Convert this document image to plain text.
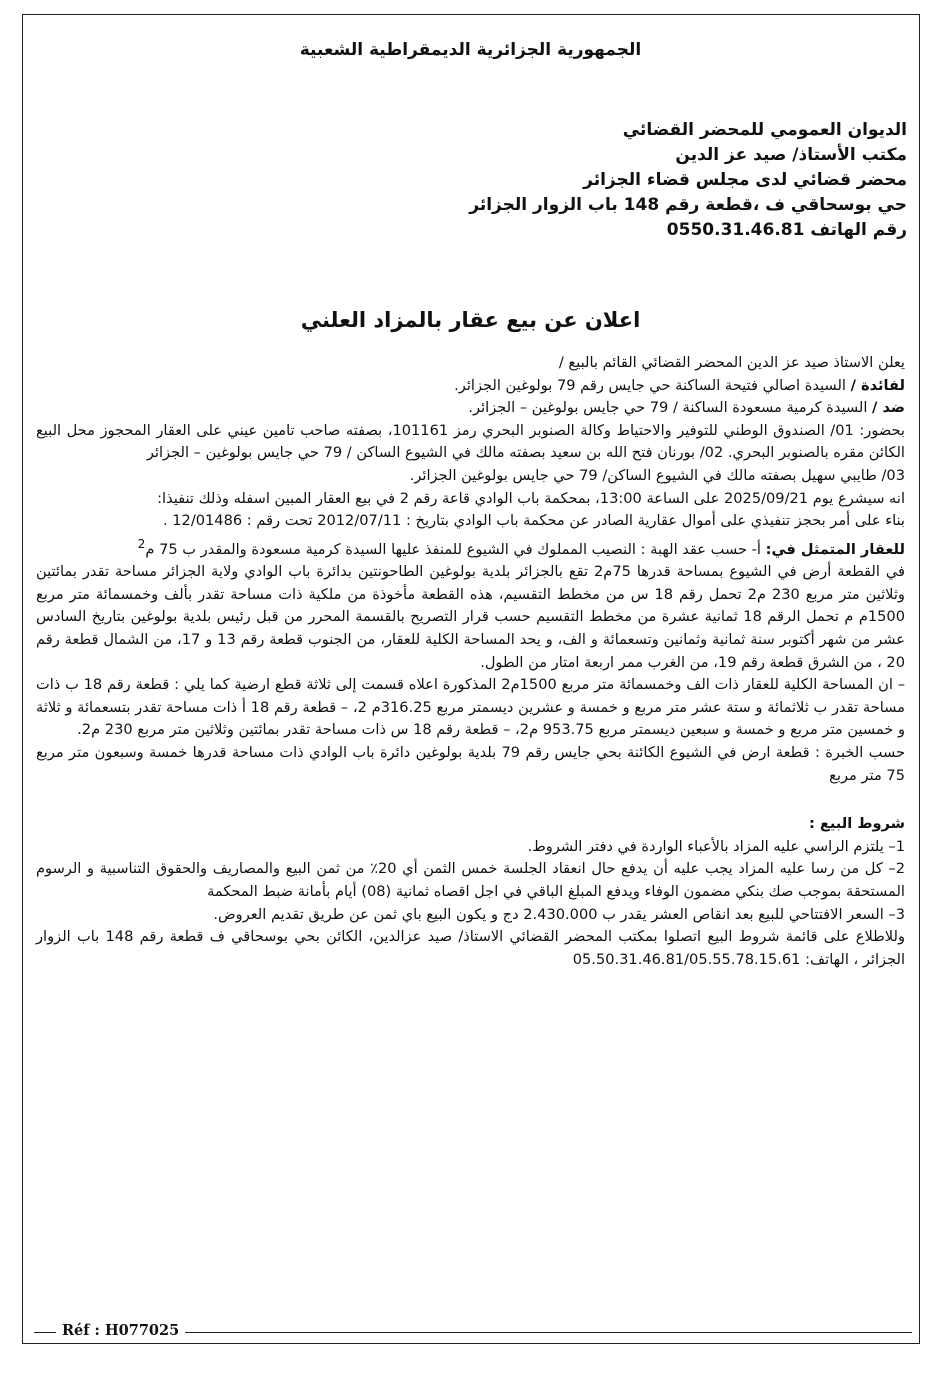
الجمهورية الجزائرية الديمقراطية الشعبية
الديوان العمومي للمحضر القضائي
مكتب الأستاذ/ صيد عز الدين
محضر قضائي لدى مجلس قضاء الجزائر
حي بوسحاقي ف ،قطعة رقم 148 باب الزوار الجزائر
رقم الهاتف 0550.31.46.81
اعلان عن بيع عقار بالمزاد العلني

يعلن الاستاذ صيد عز الدين المحضر القضائي القائم بالبيع /

لفائدة / السيدة اصالي فتيحة الساكنة حي جايس رقم 79 بولوغين الجزائر.

ضد / السيدة كرمية مسعودة الساكنة / 79 حي جايس بولوغين – الجزائر.

بحضور: 01/ الصندوق الوطني للتوفير والاحتياط وكالة الصنوبر البحري رمز 101161، بصفته صاحب تامين عيني على العقار المحجوز محل البيع الكائن مقره بالصنوبر البحري. 02/ بورنان فتح الله بن سعيد بصفته مالك في الشيوع الساكن / 79 حي جايس بولوغين – الجزائر

03/ طايبي سهيل بصفته مالك في الشيوع الساكن/ 79 حي جايس بولوغين الجزائر.

انه سيشرع يوم 2025/09/21 على الساعة 13:00، بمحكمة باب الوادي قاعة رقم 2 في بيع العقار المبين اسفله وذلك تنفيذا:

بناء على أمر بحجز تنفيذي على أموال عقارية الصادر عن محكمة باب الوادي بتاريخ : 2012/07/11 تحت رقم : 12/01486 .

للعقار المتمثل في: أ- حسب عقد الهبة : النصيب المملوك في الشيوع للمنفذ عليها السيدة كرمية مسعودة والمقدر ب 75 م$^2$

في القطعة أرض في الشيوع بمساحة قدرها 75م2 تقع بالجزائر بلدية بولوغين الطاحونتين بدائرة باب الوادي ولاية الجزائر مساحة تقدر بمائتين وثلاثين متر مربع 230 م2 تحمل رقم 18 س من مخطط التقسيم، هذه القطعة مأخوذة من ملكية ذات مساحة تقدر بألف وخمسمائة متر مربع 1500م م تحمل الرقم 18 ثمانية عشرة من مخطط التقسيم حسب قرار التصريح بالقسمة المحرر من قبل رئيس بلدية بولوغين بتاريخ السادس عشر من شهر أكتوبر سنة ثمانية وثمانين وتسعمائة و الف، و يحد المساحة الكلية للعقار، من الجنوب قطعة رقم 13 و 17، من الشمال قطعة رقم 20 ، من الشرق قطعة رقم 19، من الغرب ممر اربعة امتار من الطول.

– ان المساحة الكلية للعقار ذات الف وخمسمائة متر مربع 1500م2 المذكورة اعلاه قسمت إلى ثلاثة قطع ارضية كما يلي : قطعة رقم 18 ب ذات مساحة تقدر ب ثلاثمائة و ستة عشر متر مربع و خمسة و عشرين ديسمتر مربع 316.25م 2، – قطعة رقم 18 أ ذات مساحة تقدر بتسعمائة و ثلاثة و خمسين متر مربع و خمسة و سبعين ديسمتر مربع 953.75 م2، – قطعة رقم 18 س ذات مساحة تقدر بمائتين وثلاثين متر مربع 230 م2.

حسب الخبرة : قطعة ارض في الشيوع الكائنة بحي جايس رقم 79 بلدية بولوغين دائرة باب الوادي ذات مساحة قدرها خمسة وسبعون متر مربع 75 متر مربع

شروط البيع :

1– يلتزم الراسي عليه المزاد بالأعباء الواردة في دفتر الشروط.

2– كل من رسا عليه المزاد يجب عليه أن يدفع حال انعقاد الجلسة خمس الثمن أي 20٪ من ثمن البيع والمصاريف والحقوق التناسبية و الرسوم المستحقة بموجب صك بنكي مضمون الوفاء ويدفع المبلغ الباقي في اجل اقصاه ثمانية (08) أيام بأمانة ضبط المحكمة

3– السعر الافتتاحي للبيع بعد انقاص العشر يقدر ب 2.430.000 دج و يكون البيع باي ثمن عن طريق تقديم العروض.

وللاطلاع على قائمة شروط البيع اتصلوا بمكتب المحضر القضائي الاستاذ/ صيد عزالدين، الكائن بحي بوسحاقي ف قطعة رقم 148 باب الزوار الجزائر ، الهاتف: 05.50.31.46.81/05.55.78.15.61

Réf : H077025
